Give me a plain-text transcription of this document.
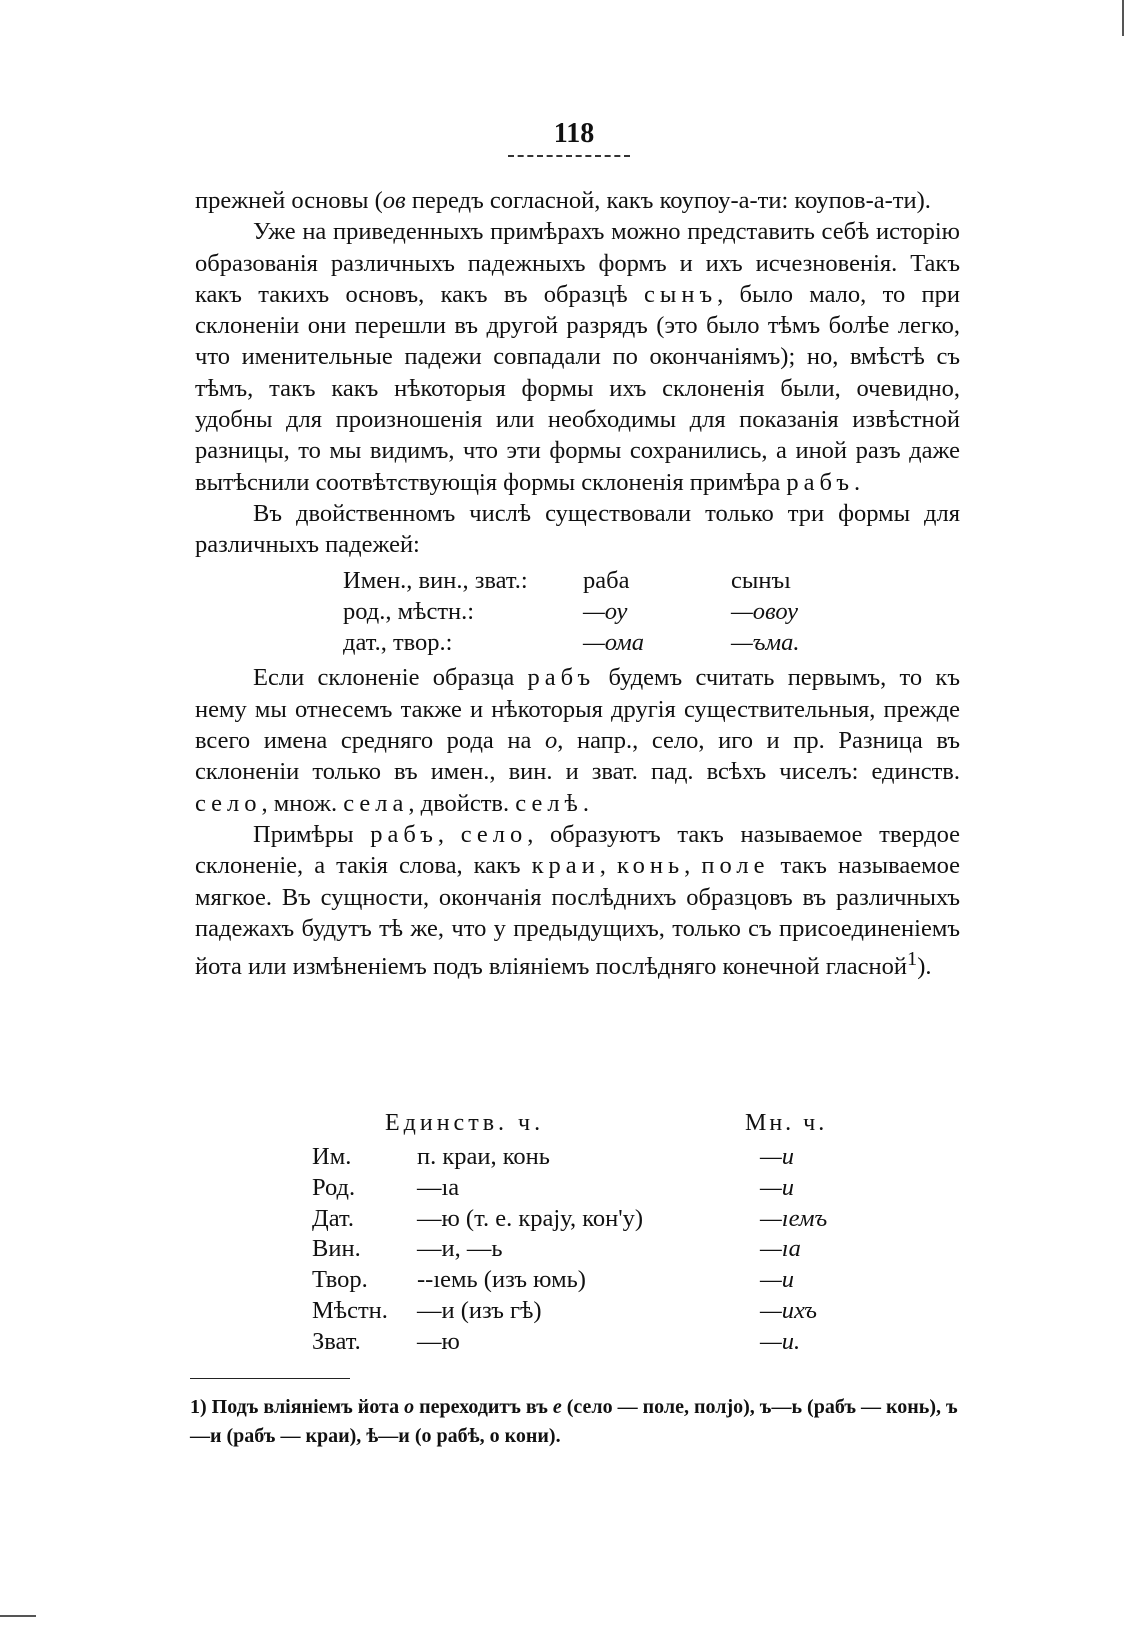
118

прежней основы (ов передъ согласной, какъ коупоу-а-ти: коупов-а-ти).

Уже на приведенныхъ примѣрахъ можно представить себѣ исторію образованія различныхъ падежныхъ формъ и ихъ исчезновенія. Такъ какъ такихъ основъ, какъ въ образцѣ сынъ, было мало, то при склоненіи они перешли въ другой разрядъ (это было тѣмъ болѣе легко, что именительные падежи совпадали по окончаніямъ); но, вмѣстѣ съ тѣмъ, такъ какъ нѣкоторыя формы ихъ склоненія были, очевидно, удобны для произношенія или необходимы для показанія извѣстной разницы, то мы видимъ, что эти формы сохранились, а иной разъ даже вытѣснили соотвѣтствующія формы склоненія примѣра рабъ.

Въ двойственномъ числѣ существовали только три формы для различныхъ падежей:

Имен., вин., зват.:	раба	сынъı
род., мѣстн.:	—оу	—овоу
дат., твор.:	—ома	—ъма.

Если склоненіе образца рабъ будемъ считать первымъ, то къ нему мы отнесемъ также и нѣкоторыя другія существительныя, прежде всего имена средняго рода на о, напр., село, иго и пр. Разница въ склоненіи только въ имен., вин. и зват. пад. всѣхъ чиселъ: единств. село, множ. села, двойств. селѣ.

Примѣры рабъ, село, образуютъ такъ называемое твердое склоненіе, а такія слова, какъ краи, конь, поле такъ называемое мягкое. Въ сущности, окончанія послѣднихъ образцовъ въ различныхъ падежахъ будутъ тѣ же, что у предыдущихъ, только съ присоединеніемъ йота или измѣненіемъ подъ вліяніемъ послѣдняго конечной гласной$^1$).

Единств. ч.	Мн. ч.
Им.	п. краи, конь	—и
Род.	—ıa	—и
Дат.	—ю (т. е. крају, кон'у)	—ıемъ
Вин.	—и, —ь	—ıa
Твор.	--ıемь (изъ юмь)	—и
Мѣстн.	—и (изъ гѣ)	—ихъ
Зват.	—ю	—и.
1) Подъ вліяніемъ йота о переходитъ въ е (село — поле, полјо), ъ—ь (рабъ — конь), ъ—и (рабъ — краи), ѣ—и (о рабѣ, о кони).
